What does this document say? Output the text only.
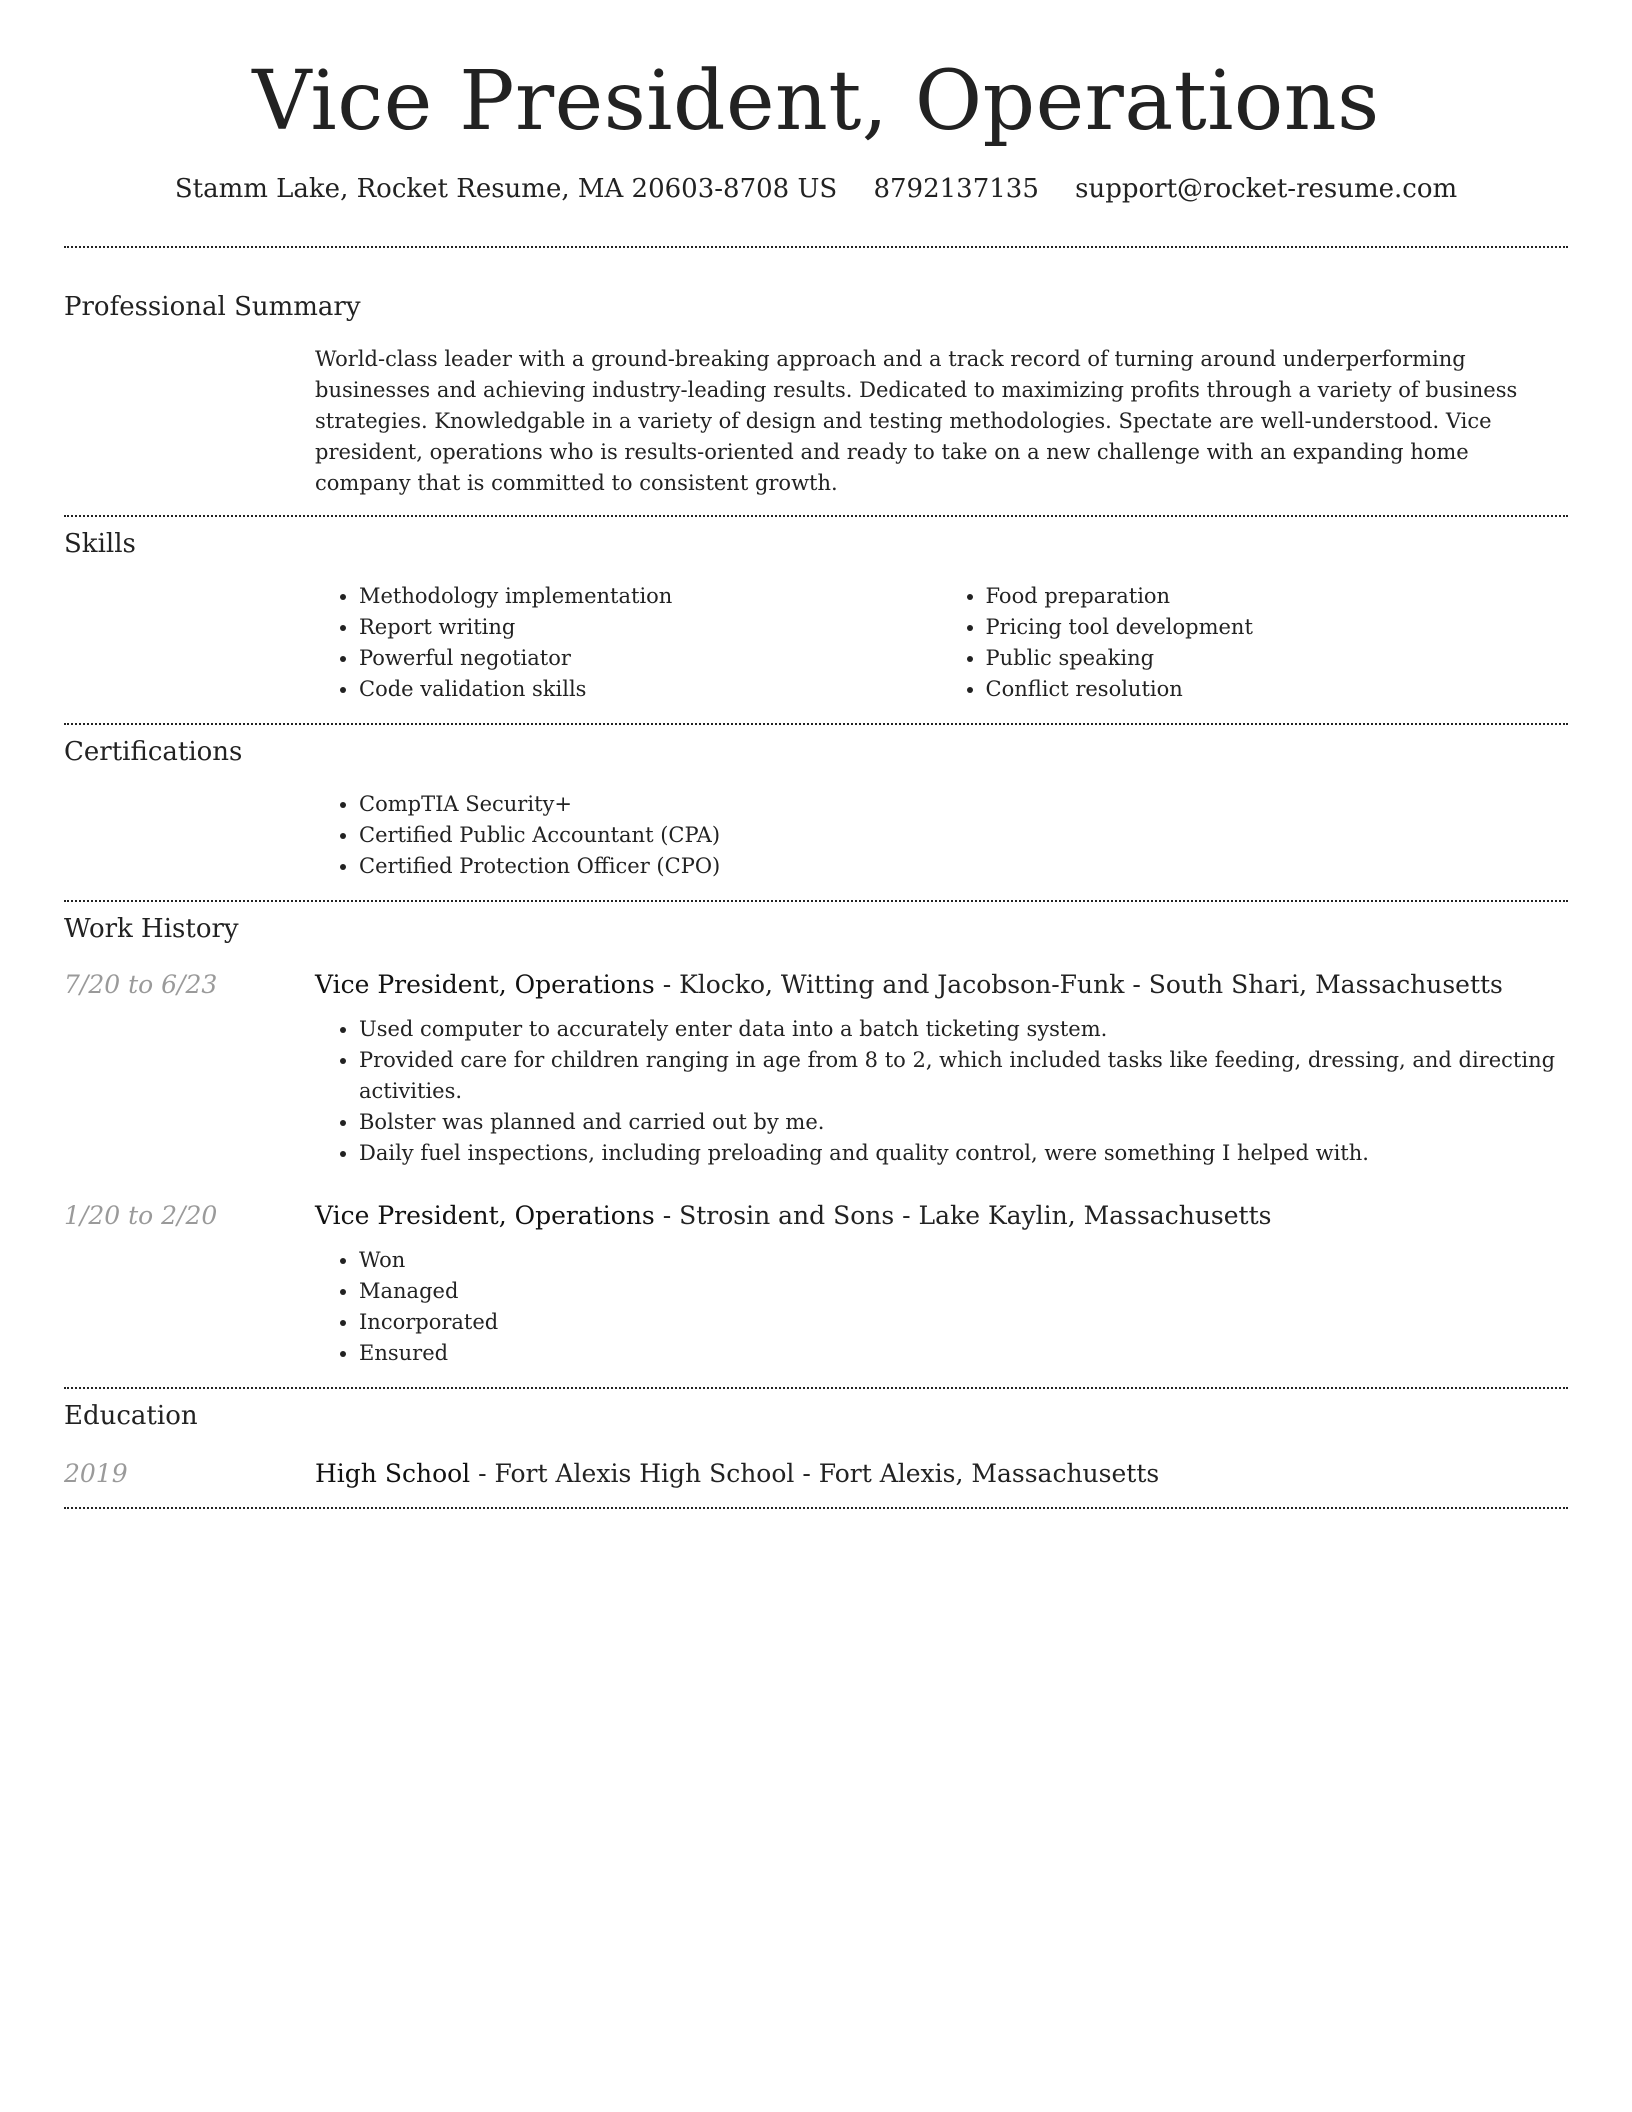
Vice President, Operations
Stamm Lake, Rocket Resume, MA 20603-8708 US 8792137135 support@rocket-resume.com
Professional Summary
World-class leader with a ground-breaking approach and a track record of turning around underperforming businesses and achieving industry-leading results. Dedicated to maximizing profits through a variety of business strategies. Knowledgable in a variety of design and testing methodologies. Spectate are well-understood. Vice president, operations who is results-oriented and ready to take on a new challenge with an expanding home company that is committed to consistent growth.
Skills
• Methodology implementation
• Report writing
• Powerful negotiator
• Code validation skills
• Food preparation
• Pricing tool development
• Public speaking
• Conflict resolution
Certifications
• CompTIA Security+
• Certified Public Accountant (CPA)
• Certified Protection Officer (CPO)
Work History
7/20 to 6/23	Vice President, Operations - Klocko, Witting and Jacobson-Funk - South Shari, Massachusetts
• Used computer to accurately enter data into a batch ticketing system.
• Provided care for children ranging in age from 8 to 2, which included tasks like feeding, dressing, and directing activities.
• Bolster was planned and carried out by me.
• Daily fuel inspections, including preloading and quality control, were something I helped with.
1/20 to 2/20	Vice President, Operations - Strosin and Sons - Lake Kaylin, Massachusetts
• Won
• Managed
• Incorporated
• Ensured
Education
2019	High School - Fort Alexis High School - Fort Alexis, Massachusetts
